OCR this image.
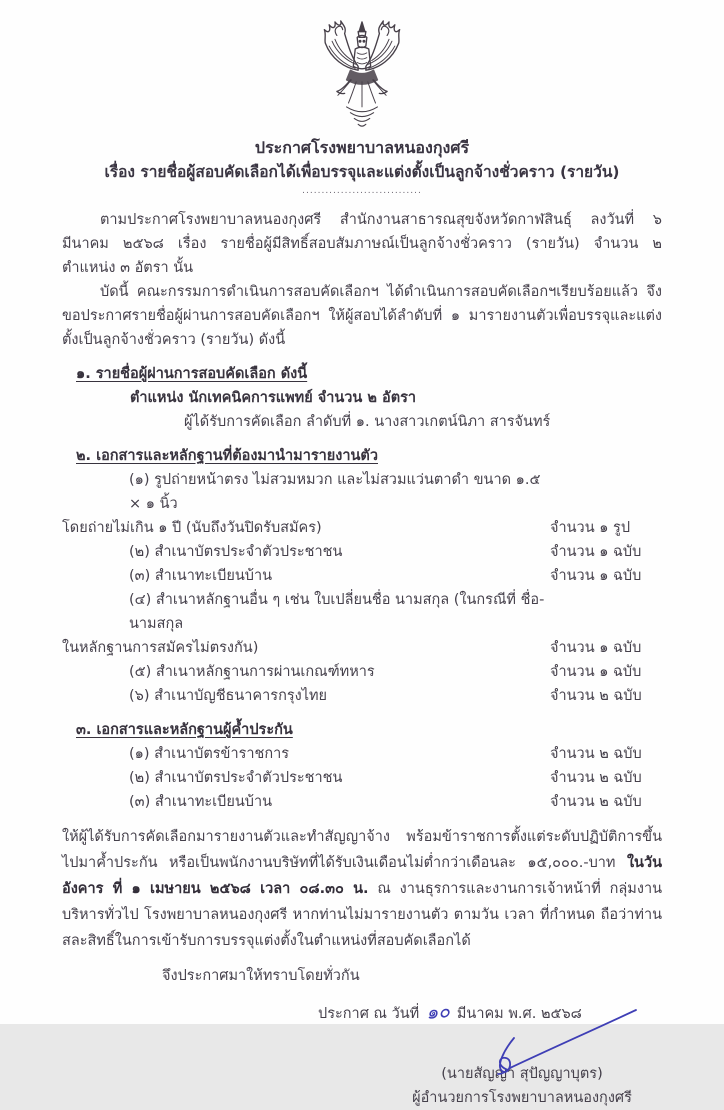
ประกาศโรงพยาบาลหนองกุงศรี
เรื่อง รายชื่อผู้สอบคัดเลือกได้เพื่อบรรจุและแต่งตั้งเป็นลูกจ้างชั่วคราว (รายวัน)
...............................
ตามประกาศโรงพยาบาลหนองกุงศรี สำนักงานสาธารณสุขจังหวัดกาฬสินธุ์ ลงวันที่ ๖ มีนาคม ๒๕๖๘ เรื่อง รายชื่อผู้มีสิทธิ์สอบสัมภาษณ์เป็นลูกจ้างชั่วคราว (รายวัน) จำนวน ๒ ตำแหน่ง ๓ อัตรา นั้น
บัดนี้ คณะกรรมการดำเนินการสอบคัดเลือกฯ ได้ดำเนินการสอบคัดเลือกฯเรียบร้อยแล้ว จึงขอประกาศรายชื่อผู้ผ่านการสอบคัดเลือกฯ ให้ผู้สอบได้ลำดับที่ ๑ มารายงานตัวเพื่อบรรจุและแต่งตั้งเป็นลูกจ้างชั่วคราว (รายวัน) ดังนี้
๑. รายชื่อผู้ผ่านการสอบคัดเลือก ดังนี้
ตำแหน่ง นักเทคนิคการแพทย์ จำนวน ๒ อัตรา
ผู้ได้รับการคัดเลือก ลำดับที่ ๑. นางสาวเกตน์นิภา สารจันทร์
๒. เอกสารและหลักฐานที่ต้องมานำมารายงานตัว
(๑) รูปถ่ายหน้าตรง ไม่สวมหมวก และไม่สวมแว่นตาดำ ขนาด ๑.๕ × ๑ นิ้ว
โดยถ่ายไม่เกิน ๑ ปี (นับถึงวันปิดรับสมัคร)	จำนวน ๑ รูป
(๒) สำเนาบัตรประจำตัวประชาชน	จำนวน ๑ ฉบับ
(๓) สำเนาทะเบียนบ้าน	จำนวน ๑ ฉบับ
(๔) สำเนาหลักฐานอื่น ๆ เช่น ใบเปลี่ยนชื่อ นามสกุล (ในกรณีที่ ชื่อ-นามสกุล
ในหลักฐานการสมัครไม่ตรงกัน)	จำนวน ๑ ฉบับ
(๕) สำเนาหลักฐานการผ่านเกณฑ์ทหาร	จำนวน ๑ ฉบับ
(๖) สำเนาบัญชีธนาคารกรุงไทย	จำนวน ๒ ฉบับ
๓. เอกสารและหลักฐานผู้ค้ำประกัน
(๑) สำเนาบัตรข้าราชการ	จำนวน ๒ ฉบับ
(๒) สำเนาบัตรประจำตัวประชาชน	จำนวน ๒ ฉบับ
(๓) สำเนาทะเบียนบ้าน	จำนวน ๒ ฉบับ
ให้ผู้ได้รับการคัดเลือกมารายงานตัวและทำสัญญาจ้าง พร้อมข้าราชการตั้งแต่ระดับปฏิบัติการขึ้นไปมาค้ำประกัน หรือเป็นพนักงานบริษัทที่ได้รับเงินเดือนไม่ต่ำกว่าเดือนละ ๑๕,๐๐๐.-บาท ในวันอังคาร ที่ ๑ เมษายน ๒๕๖๘ เวลา ๐๘.๓๐ น. ณ งานธุรการและงานการเจ้าหน้าที่ กลุ่มงานบริหารทั่วไป โรงพยาบาลหนองกุงศรี หากท่านไม่มารายงานตัว ตามวัน เวลา ที่กำหนด ถือว่าท่านสละสิทธิ์ในการเข้ารับการบรรจุแต่งตั้งในตำแหน่งที่สอบคัดเลือกได้
จึงประกาศมาให้ทราบโดยทั่วกัน
ประกาศ ณ วันที่ ๑๐ มีนาคม พ.ศ. ๒๕๖๘
(นายสัญญา สุปัญญาบุตร)
ผู้อำนวยการโรงพยาบาลหนองกุงศรี
